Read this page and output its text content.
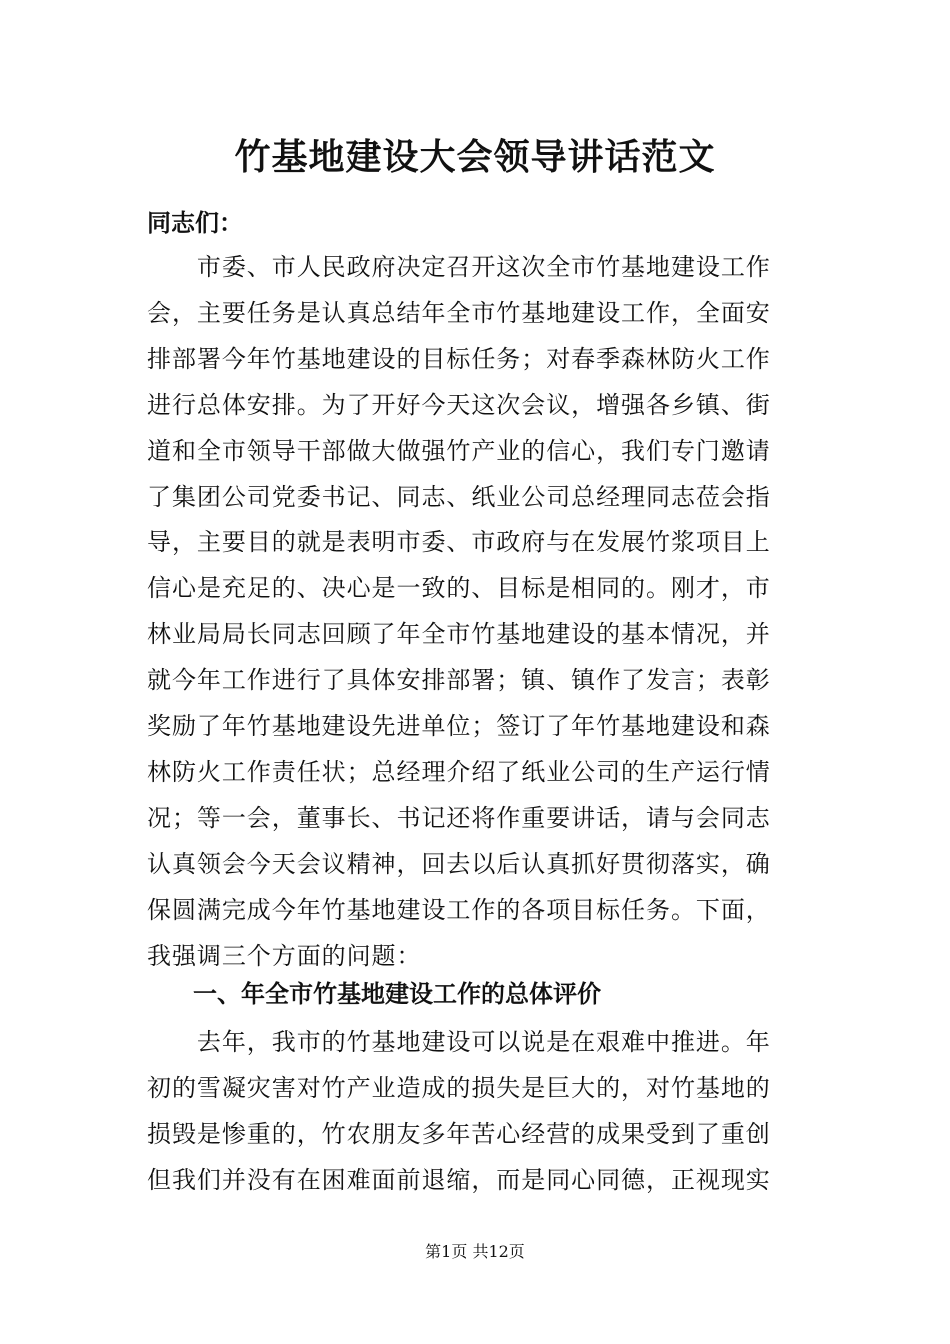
竹基地建设大会领导讲话范文

同志们：

　　市委、市人民政府决定召开这次全市竹基地建设工作
会，主要任务是认真总结年全市竹基地建设工作，全面安
排部署今年竹基地建设的目标任务；对春季森林防火工作
进行总体安排。为了开好今天这次会议，增强各乡镇、街
道和全市领导干部做大做强竹产业的信心，我们专门邀请
了集团公司党委书记、同志、纸业公司总经理同志莅会指
导，主要目的就是表明市委、市政府与在发展竹浆项目上
信心是充足的、决心是一致的、目标是相同的。刚才，市
林业局局长同志回顾了年全市竹基地建设的基本情况，并
就今年工作进行了具体安排部署；镇、镇作了发言；表彰
奖励了年竹基地建设先进单位；签订了年竹基地建设和森
林防火工作责任状；总经理介绍了纸业公司的生产运行情
况；等一会，董事长、书记还将作重要讲话，请与会同志
认真领会今天会议精神，回去以后认真抓好贯彻落实，确
保圆满完成今年竹基地建设工作的各项目标任务。下面，
我强调三个方面的问题：
一、年全市竹基地建设工作的总体评价
　　去年，我市的竹基地建设可以说是在艰难中推进。年
初的雪凝灾害对竹产业造成的损失是巨大的，对竹基地的
损毁是惨重的，竹农朋友多年苦心经营的成果受到了重创
但我们并没有在困难面前退缩，而是同心同德，正视现实
第1页 共12页
